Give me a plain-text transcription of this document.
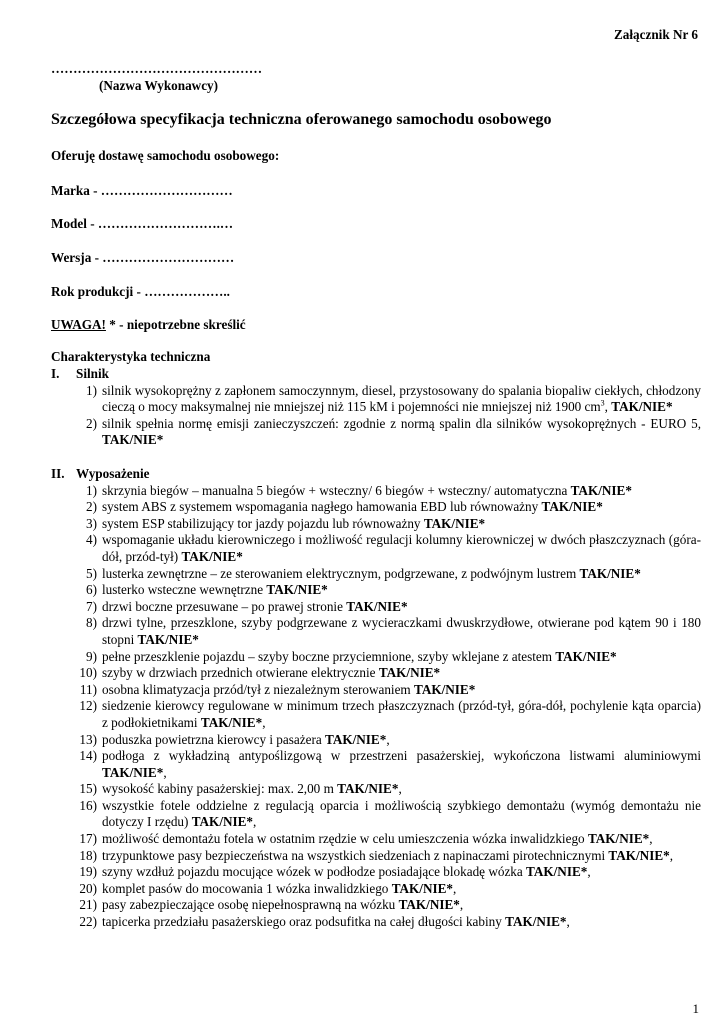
Załącznik Nr 6
…………………………………………
(Nazwa Wykonawcy)
Szczegółowa specyfikacja techniczna oferowanego samochodu osobowego
Oferuję dostawę samochodu osobowego:
Marka - …………………………
Model - ……………………….…
Wersja - …………………………
Rok produkcji - ………………..
UWAGA! * - niepotrzebne skreślić
Charakterystyka techniczna
I.	Silnik
1) silnik wysokoprężny z zapłonem samoczynnym, diesel, przystosowany do spalania biopaliw ciekłych, chłodzony cieczą o mocy maksymalnej nie mniejszej niż 115 kM i pojemności nie mniejszej niż 1900 $cm^3$, TAK/NIE*
2) silnik spełnia normę emisji zanieczyszczeń: zgodnie z normą spalin dla silników wysokoprężnych - EURO 5, TAK/NIE*
II. Wyposażenie
1) skrzynia biegów – manualna 5 biegów + wsteczny/ 6 biegów + wsteczny/ automatyczna TAK/NIE*
2) system ABS z systemem wspomagania nagłego hamowania EBD lub równoważny TAK/NIE*
3) system ESP stabilizujący tor jazdy pojazdu lub równoważny TAK/NIE*
4) wspomaganie układu kierowniczego i możliwość regulacji kolumny kierowniczej w dwóch płaszczyznach (góra-dół, przód-tył) TAK/NIE*
5) lusterka zewnętrzne – ze sterowaniem elektrycznym, podgrzewane, z podwójnym lustrem TAK/NIE*
6) lusterko wsteczne wewnętrzne TAK/NIE*
7) drzwi boczne przesuwane – po prawej stronie TAK/NIE*
8) drzwi tylne, przeszklone, szyby podgrzewane z wycieraczkami dwuskrzydłowe, otwierane pod kątem 90 i 180 stopni TAK/NIE*
9) pełne przeszklenie pojazdu – szyby boczne przyciemnione, szyby wklejane z atestem TAK/NIE*
10) szyby w drzwiach przednich otwierane elektrycznie TAK/NIE*
11) osobna klimatyzacja przód/tył z niezależnym sterowaniem TAK/NIE*
12) siedzenie kierowcy regulowane w minimum trzech płaszczyznach (przód-tył, góra-dół, pochylenie kąta oparcia) z podłokietnikami TAK/NIE*,
13) poduszka powietrzna kierowcy i pasażera TAK/NIE*,
14) podłoga z wykładziną antypoślizgową w przestrzeni pasażerskiej, wykończona listwami aluminiowymi TAK/NIE*,
15) wysokość kabiny pasażerskiej: max. 2,00 m TAK/NIE*,
16) wszystkie fotele oddzielne z regulacją oparcia i możliwością szybkiego demontażu (wymóg demontażu nie dotyczy I rzędu) TAK/NIE*,
17) możliwość demontażu fotela w ostatnim rzędzie w celu umieszczenia wózka inwalidzkiego TAK/NIE*,
18) trzypunktowe pasy bezpieczeństwa na wszystkich siedzeniach z napinaczami pirotechnicznymi TAK/NIE*,
19) szyny wzdłuż pojazdu mocujące wózek w podłodze posiadające blokadę wózka TAK/NIE*,
20) komplet pasów do mocowania 1 wózka inwalidzkiego TAK/NIE*,
21) pasy zabezpieczające osobę niepełnosprawną na wózku TAK/NIE*,
22) tapicerka przedziału pasażerskiego oraz podsufitka na całej długości kabiny TAK/NIE*,
1
